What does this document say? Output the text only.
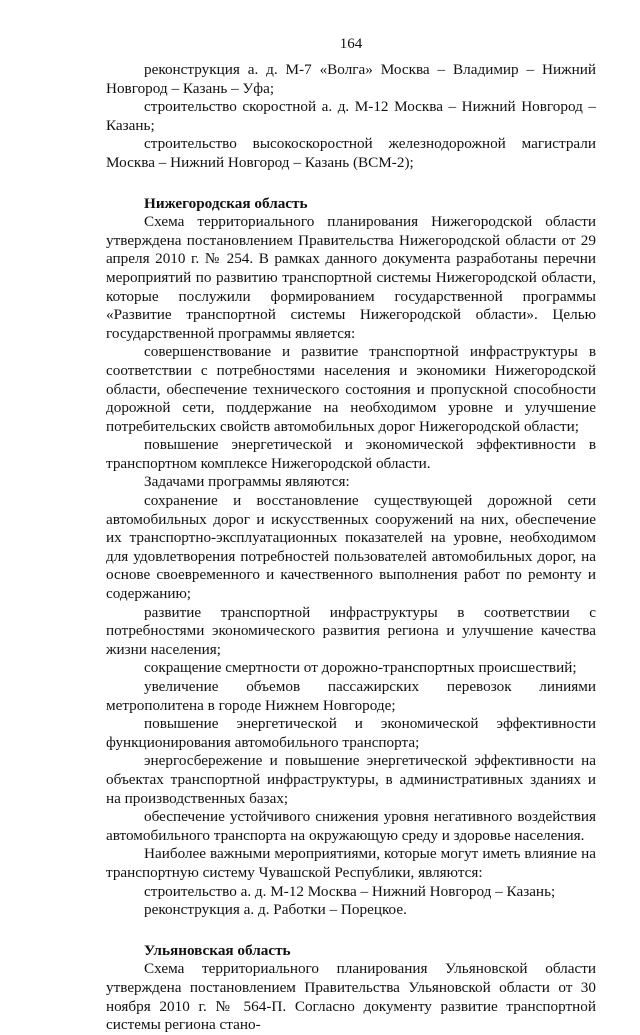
164

реконструкция а. д. М-7 «Волга» Москва – Владимир – Нижний Новгород – Казань – Уфа;

строительство скоростной а. д. М-12 Москва – Нижний Новгород – Казань;

строительство высокоскоростной железнодорожной магистрали Москва – Нижний Новгород – Казань (ВСМ-2);

Нижегородская область

Схема территориального планирования Нижегородской области утверждена постановлением Правительства Нижегородской области от 29 апреля 2010 г. № 254. В рамках данного документа разработаны перечни мероприятий по развитию транспортной системы Нижегородской области, которые послужили формированием государственной программы «Развитие транспортной системы Нижегородской области». Целью государственной программы является:

совершенствование и развитие транспортной инфраструктуры в соответствии с потребностями населения и экономики Нижегородской области, обеспечение технического состояния и пропускной способности дорожной сети, поддержание на необходимом уровне и улучшение потребительских свойств автомобильных дорог Нижегородской области;

повышение энергетической и экономической эффективности в транспортном комплексе Нижегородской области.

Задачами программы являются:

сохранение и восстановление существующей дорожной сети автомобильных дорог и искусственных сооружений на них, обеспечение их транспортно-эксплуатационных показателей на уровне, необходимом для удовлетворения потребностей пользователей автомобильных дорог, на основе своевременного и качественного выполнения работ по ремонту и содержанию;

развитие транспортной инфраструктуры в соответствии с потребностями экономического развития региона и улучшение качества жизни населения;

сокращение смертности от дорожно-транспортных происшествий;

увеличение объемов пассажирских перевозок линиями метрополитена в городе Нижнем Новгороде;

повышение энергетической и экономической эффективности функционирования автомобильного транспорта;

энергосбережение и повышение энергетической эффективности на объектах транспортной инфраструктуры, в административных зданиях и на производственных базах;

обеспечение устойчивого снижения уровня негативного воздействия автомобильного транспорта на окружающую среду и здоровье населения.

Наиболее важными мероприятиями, которые могут иметь влияние на транспортную систему Чувашской Республики, являются:

строительство а. д. М-12 Москва – Нижний Новгород – Казань;

реконструкция а. д. Работки – Порецкое.

Ульяновская область

Схема территориального планирования Ульяновской области утверждена постановлением Правительства Ульяновской области от 30 ноября 2010 г. № 564-П. Согласно документу развитие транспортной системы региона стано-
